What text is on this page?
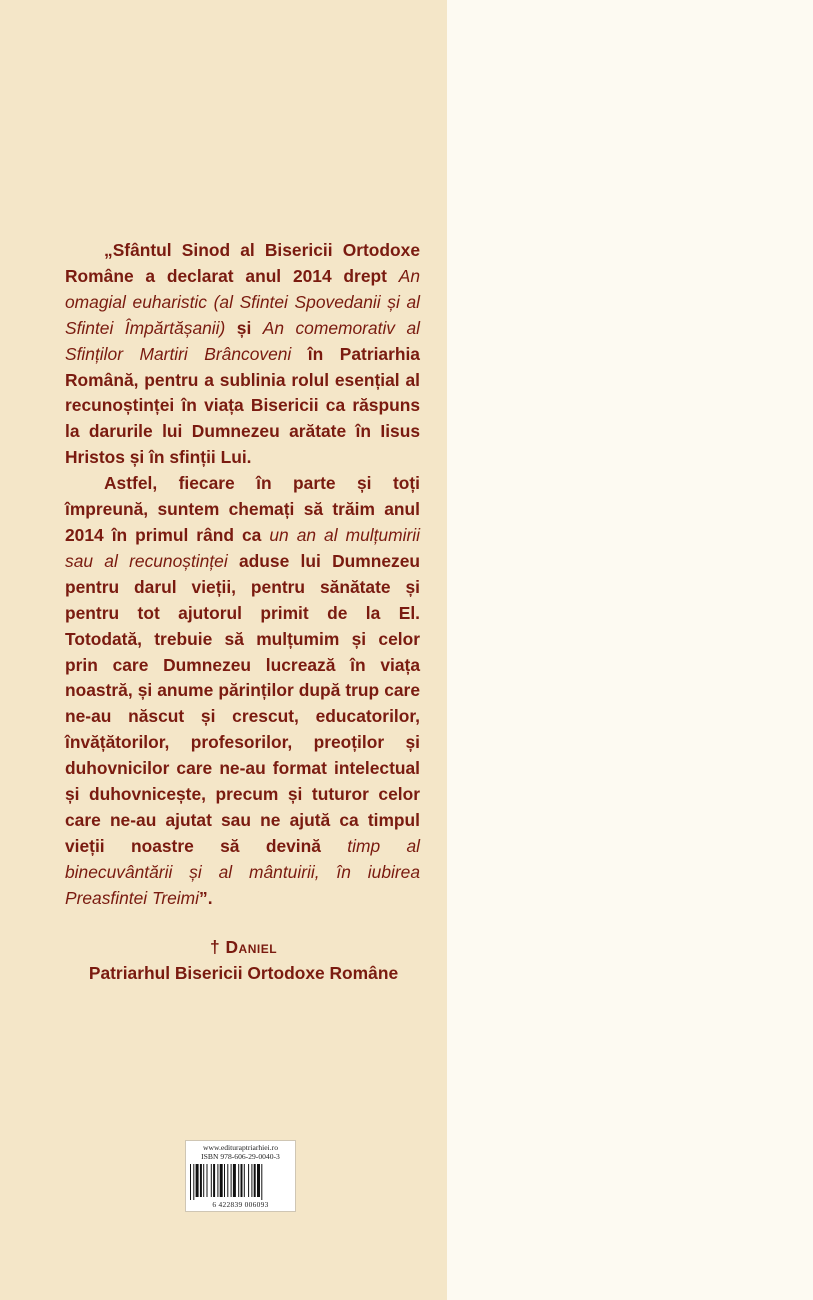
„Sfântul Sinod al Bisericii Ortodoxe Române a declarat anul 2014 drept An omagial euharistic (al Sfintei Spovedanii și al Sfintei Împărtășanii) și An comemorativ al Sfinților Martiri Brâncoveni în Patriarhia Română, pentru a sublinia rolul esențial al recunoștinței în viața Bisericii ca răspuns la darurile lui Dumnezeu arătate în Iisus Hristos și în sfinții Lui.

Astfel, fiecare în parte și toți împreună, suntem chemați să trăim anul 2014 în primul rând ca un an al mulțumirii sau al recunoștinței aduse lui Dumnezeu pentru darul vieții, pentru sănătate și pentru tot ajutorul primit de la El. Totodată, trebuie să mulțumim și celor prin care Dumnezeu lucrează în viața noastră, și anume părinților după trup care ne-au născut și crescut, educatorilor, învățătorilor, profesorilor, preoților și duhovnicilor care ne-au format intelectual și duhovnicește, precum și tuturor celor care ne-au ajutat sau ne ajută ca timpul vieții noastre să devină timp al binecuvântării și al mântuirii, în iubirea Preasfintei Treimi”.

† Daniel
Patriarhul Bisericii Ortodoxe Române
www.edituraptriarhiei.ro
ISBN 978-606-29-0040-3
6 422839 006093
